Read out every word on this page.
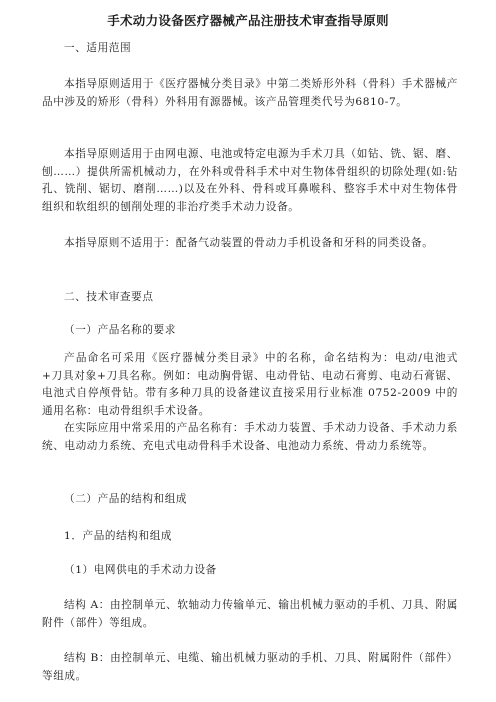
手术动力设备医疗器械产品注册技术审查指导原则
一、适用范围

本指导原则适用于《医疗器械分类目录》中第二类矫形外科（骨科）手术器械产品中涉及的矫形（骨科）外科用有源器械。该产品管理类代号为6810-7。

本指导原则适用于由网电源、电池或特定电源为手术刀具（如钻、铣、锯、磨、刨……）提供所需机械动力，在外科或骨科手术中对生物体骨组织的切除处理(如:钻孔、铣削、锯切、磨削……)以及在外科、骨科或耳鼻喉科、整容手术中对生物体骨组织和软组织的刨削处理的非治疗类手术动力设备。

本指导原则不适用于：配备气动装置的骨动力手机设备和牙科的同类设备。

二、技术审查要点
（一）产品名称的要求

产品命名可采用《医疗器械分类目录》中的名称，命名结构为：电动/电池式+刀具对象+刀具名称。例如：电动胸骨锯、电动骨钻、电动石膏剪、电动石膏锯、电池式自停颅骨钻。带有多种刀具的设备建议直接采用行业标准 0752-2009 中的通用名称：电动骨组织手术设备。

在实际应用中常采用的产品名称有：手术动力装置、手术动力设备、手术动力系统、电动动力系统、充电式电动骨科手术设备、电池动力系统、骨动力系统等。

（二）产品的结构和组成
1．产品的结构和组成
（1）电网供电的手术动力设备

结构 A：由控制单元、软轴动力传输单元、输出机械力驱动的手机、刀具、附属附件（部件）等组成。

结构 B：由控制单元、电缆、输出机械力驱动的手机、刀具、附属附件（部件）等组成。
